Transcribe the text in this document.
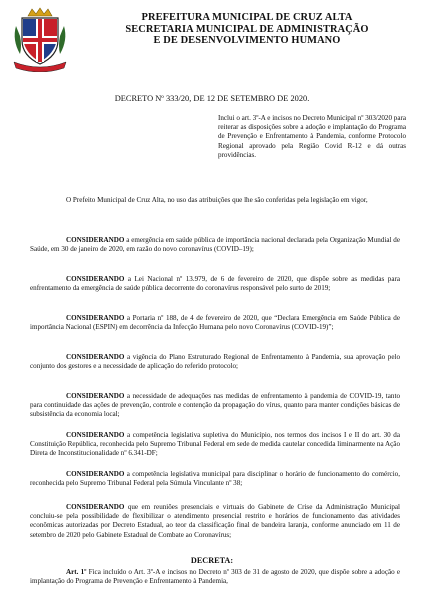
PREFEITURA MUNICIPAL DE CRUZ ALTA
SECRETARIA MUNICIPAL DE ADMINISTRAÇÃO
E DE DESENVOLVIMENTO HUMANO
DECRETO Nº 333/20, DE 12 DE SETEMBRO DE 2020.
Inclui o art. 3º-A e incisos no Decreto Municipal nº 303/2020 para reiterar as disposições sobre a adoção e implantação do Programa de Prevenção e Enfrentamento à Pandemia, conforme Protocolo Regional aprovado pela Região Covid R-12 e dá outras providências.
O Prefeito Municipal de Cruz Alta, no uso das atribuições que lhe são conferidas pela legislação em vigor,
CONSIDERANDO a emergência em saúde pública de importância nacional declarada pela Organização Mundial de Saúde, em 30 de janeiro de 2020, em razão do novo coronavírus (COVID–19);
CONSIDERANDO a Lei Nacional nº 13.979, de 6 de fevereiro de 2020, que dispõe sobre as medidas para enfrentamento da emergência de saúde pública decorrente do coronavírus responsável pelo surto de 2019;
CONSIDERANDO a Portaria nº 188, de 4 de fevereiro de 2020, que “Declara Emergência em Saúde Pública de importância Nacional (ESPIN) em decorrência da Infecção Humana pelo novo Coronavírus (COVID-19)”;
CONSIDERANDO a vigência do Plano Estruturado Regional de Enfrentamento à Pandemia, sua aprovação pelo conjunto dos gestores e a necessidade de aplicação do referido protocolo;
CONSIDERANDO a necessidade de adequações nas medidas de enfrentamento à pandemia de COVID-19, tanto para continuidade das ações de prevenção, controle e contenção da propagação do vírus, quanto para manter condições básicas de subsistência da economia local;
CONSIDERANDO a competência legislativa supletiva do Município, nos termos dos incisos I e II do art. 30 da Constituição República, reconhecida pelo Supremo Tribunal Federal em sede de medida cautelar concedida liminarmente na Ação Direta de Inconstitucionalidade nº 6.341-DF;
CONSIDERANDO a competência legislativa municipal para disciplinar o horário de funcionamento do comércio, reconhecida pelo Supremo Tribunal Federal pela Súmula Vinculante nº 38;
CONSIDERANDO que em reuniões presenciais e virtuais do Gabinete de Crise da Administração Municipal concluiu-se pela possibilidade de flexibilizar o atendimento presencial restrito e horários de funcionamento das atividades econômicas autorizadas por Decreto Estadual, ao teor da classificação final de bandeira laranja, conforme anunciado em 11 de setembro de 2020 pelo Gabinete Estadual de Combate ao Coronavírus;
DECRETA:
Art. 1º Fica incluído o Art. 3º-A e incisos no Decreto nº 303 de 31 de agosto de 2020, que dispõe sobre a adoção e implantação do Programa de Prevenção e Enfrentamento à Pandemia,
